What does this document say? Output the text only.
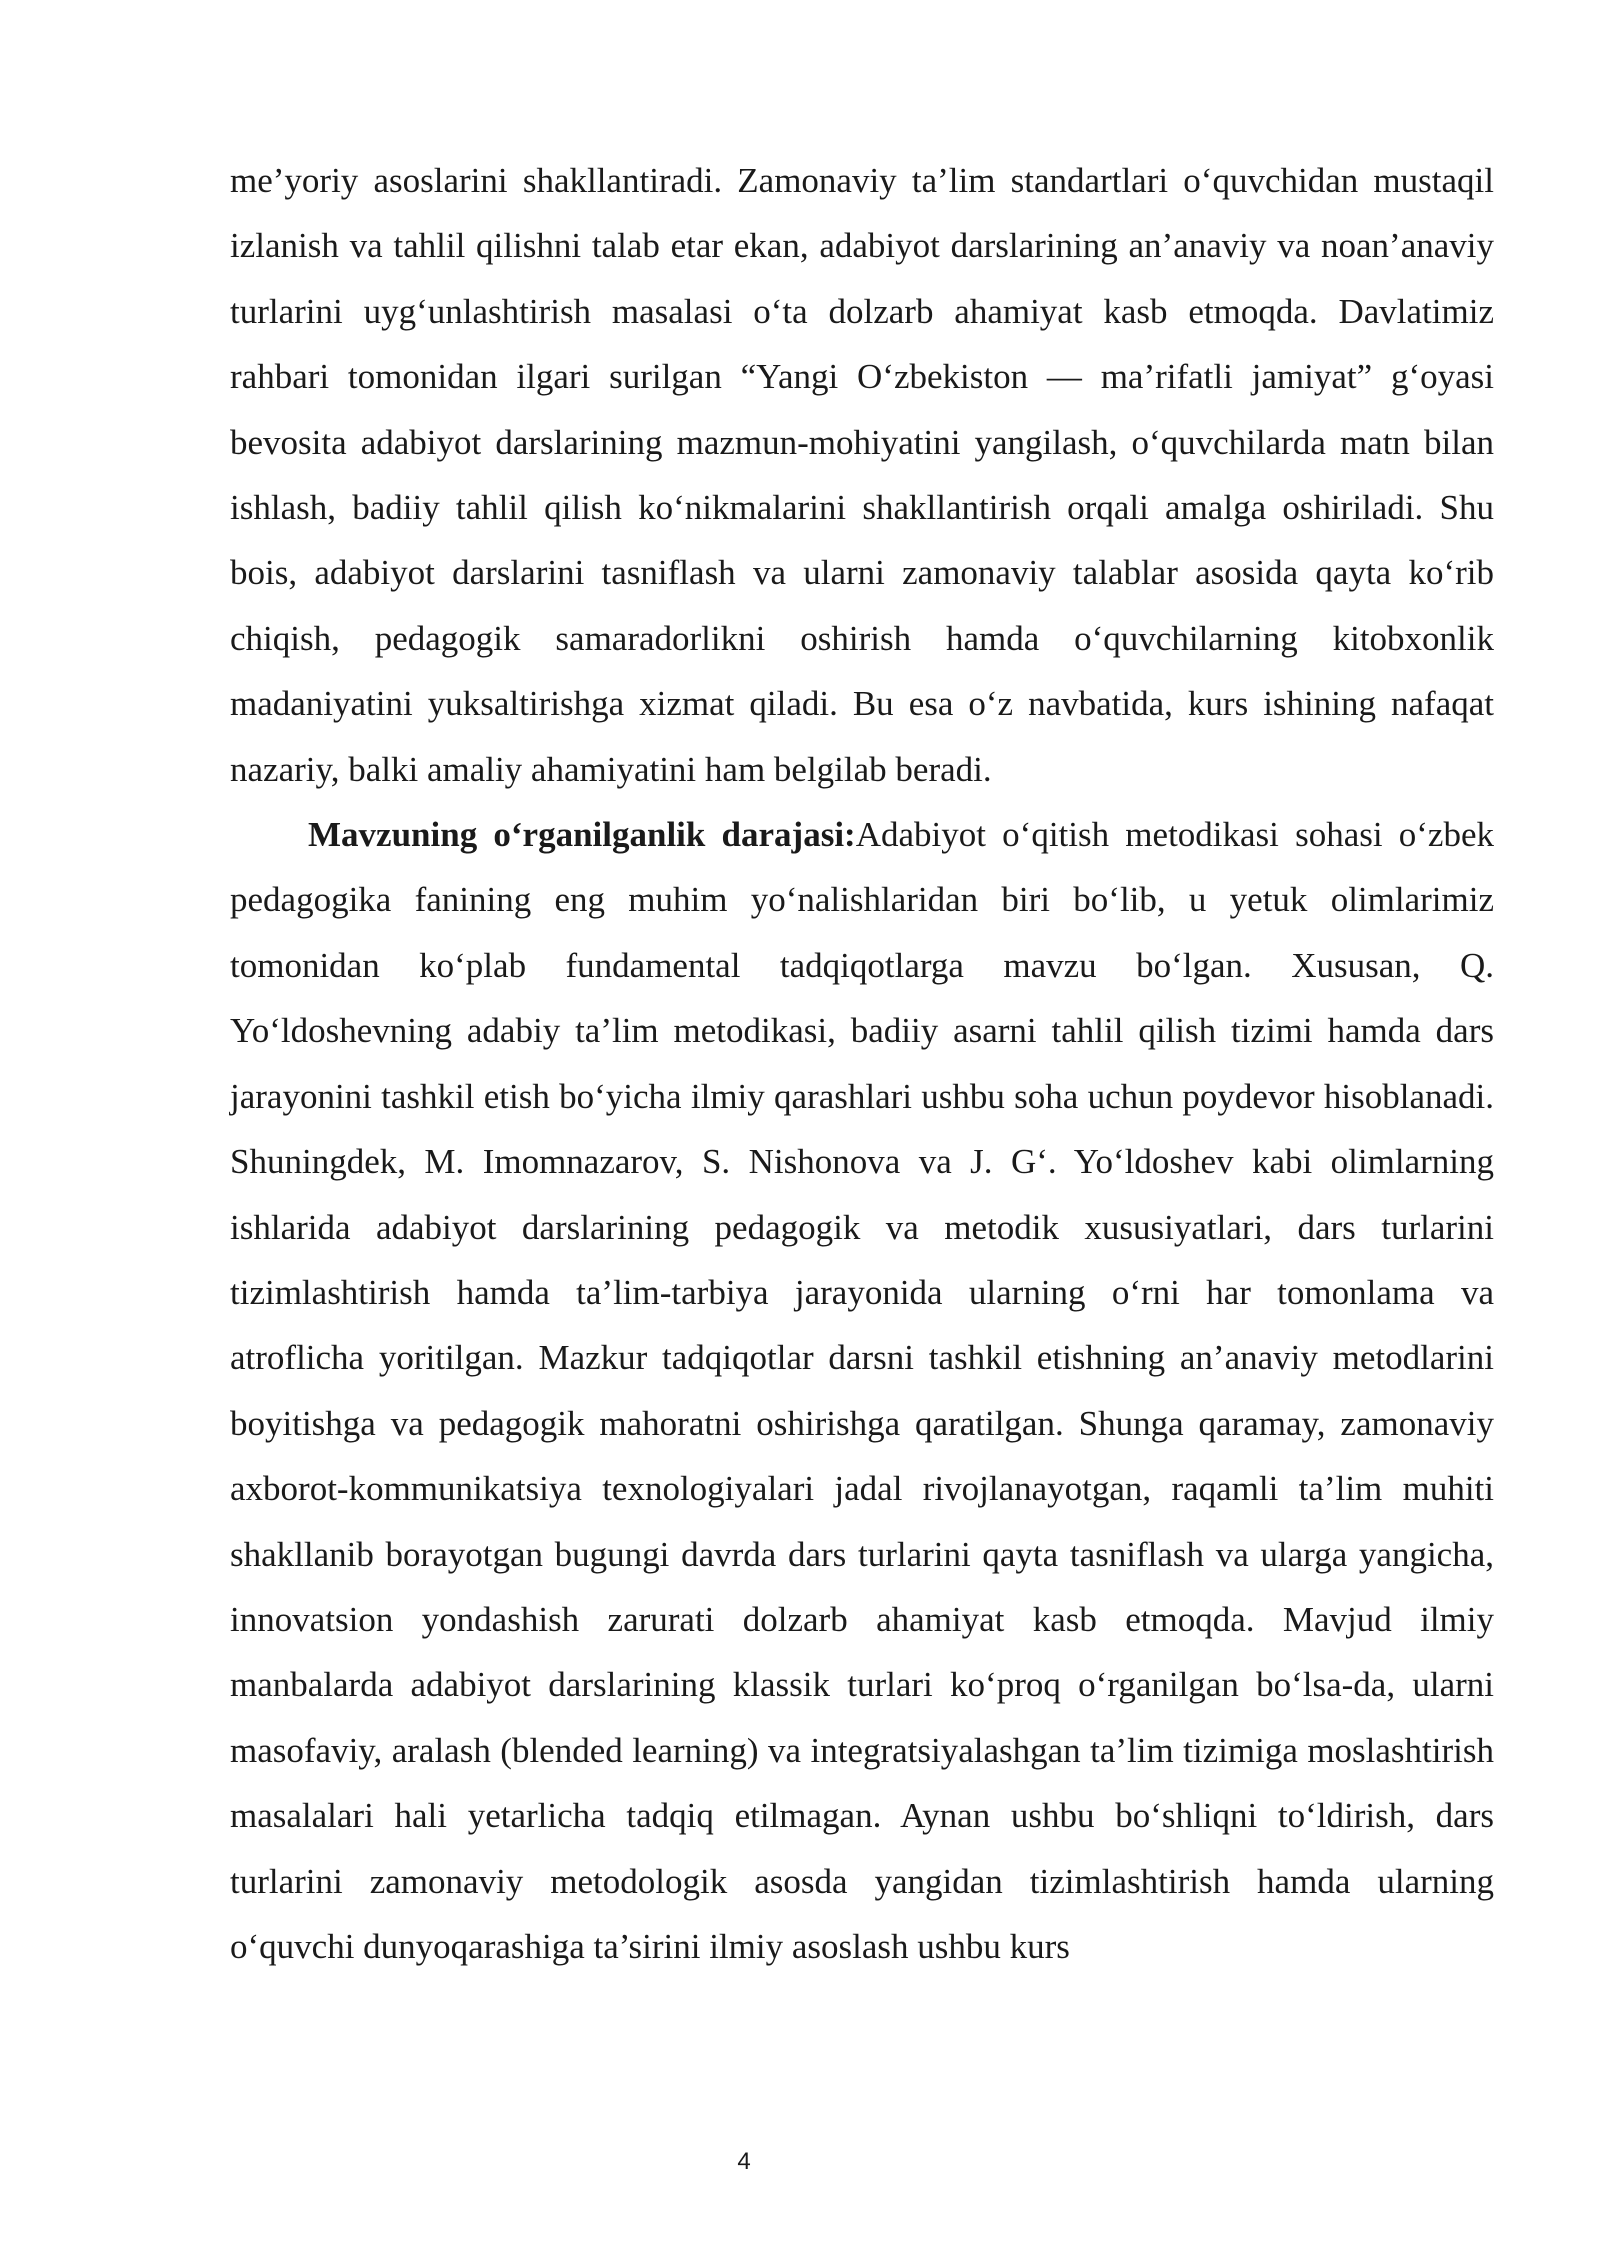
me’yoriy asoslarini shakllantiradi. Zamonaviy ta’lim standartlari o‘quvchidan mustaqil izlanish va tahlil qilishni talab etar ekan, adabiyot darslarining an’anaviy va noan’anaviy turlarini uyg‘unlashtirish masalasi o‘ta dolzarb ahamiyat kasb etmoqda. Davlatimiz rahbari tomonidan ilgari surilgan “Yangi O‘zbekiston — ma’rifatli jamiyat” g‘oyasi bevosita adabiyot darslarining mazmun-mohiyatini yangilash, o‘quvchilarda matn bilan ishlash, badiiy tahlil qilish ko‘nikmalarini shakllantirish orqali amalga oshiriladi. Shu bois, adabiyot darslarini tasniflash va ularni zamonaviy talablar asosida qayta ko‘rib chiqish, pedagogik samaradorlikni oshirish hamda o‘quvchilarning kitobxonlik madaniyatini yuksaltirishga xizmat qiladi. Bu esa o‘z navbatida, kurs ishining nafaqat nazariy, balki amaliy ahamiyatini ham belgilab beradi.

Mavzuning o‘rganilganlik darajasi:Adabiyot o‘qitish metodikasi sohasi o‘zbek pedagogika fanining eng muhim yo‘nalishlaridan biri bo‘lib, u yetuk olimlarimiz tomonidan ko‘plab fundamental tadqiqotlarga mavzu bo‘lgan. Xususan, Q. Yo‘ldoshevning adabiy ta’lim metodikasi, badiiy asarni tahlil qilish tizimi hamda dars jarayonini tashkil etish bo‘yicha ilmiy qarashlari ushbu soha uchun poydevor hisoblanadi. Shuningdek, M. Imomnazarov, S. Nishonova va J. G‘. Yo‘ldoshev kabi olimlarning ishlarida adabiyot darslarining pedagogik va metodik xususiyatlari, dars turlarini tizimlashtirish hamda ta’lim-tarbiya jarayonida ularning o‘rni har tomonlama va atroflicha yoritilgan. Mazkur tadqiqotlar darsni tashkil etishning an’anaviy metodlarini boyitishga va pedagogik mahoratni oshirishga qaratilgan. Shunga qaramay, zamonaviy axborot-kommunikatsiya texnologiyalari jadal rivojlanayotgan, raqamli ta’lim muhiti shakllanib borayotgan bugungi davrda dars turlarini qayta tasniflash va ularga yangicha, innovatsion yondashish zarurati dolzarb ahamiyat kasb etmoqda. Mavjud ilmiy manbalarda adabiyot darslarining klassik turlari ko‘proq o‘rganilgan bo‘lsa-da, ularni masofaviy, aralash (blended learning) va integratsiyalashgan ta’lim tizimiga moslashtirish masalalari hali yetarlicha tadqiq etilmagan. Aynan ushbu bo‘shliqni to‘ldirish, dars turlarini zamonaviy metodologik asosda yangidan tizimlashtirish hamda ularning o‘quvchi dunyoqarashiga ta’sirini ilmiy asoslash ushbu kurs

4
